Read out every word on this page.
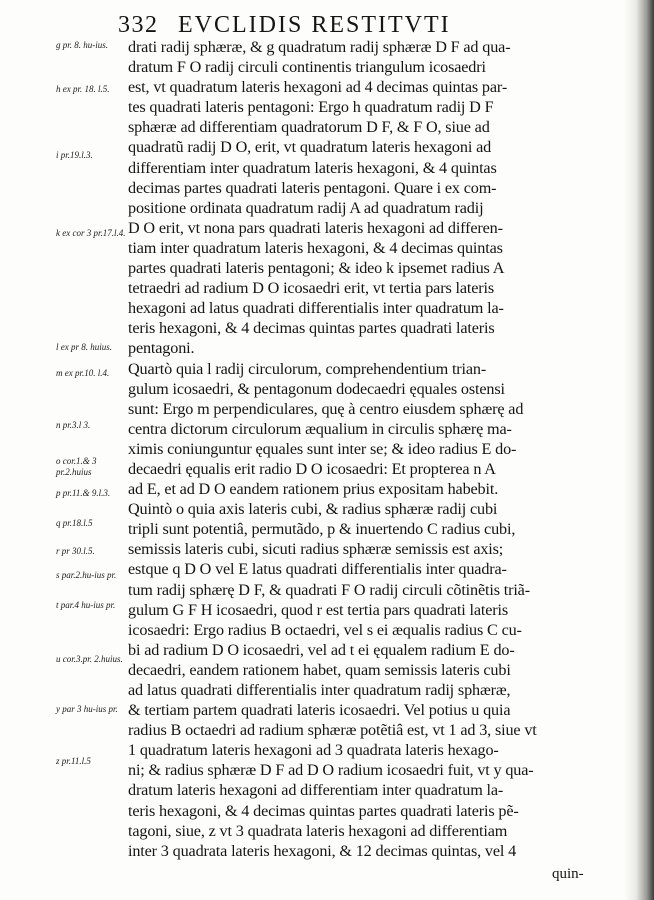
332 EVCLIDIS RESTITVTI
g pr. 8. hu-ius.
h ex pr. 18. l.5.
i pr.19.l.3.
k ex cor 3 pr.17.l.4.
l ex pr 8. huius.
m ex pr.10. l.4.
n pr.3.l 3.
o cor.1.& 3 pr.2.huius
p pr.11.& 9.l.3.
q pr.18.l.5
r pr 30.l.5.
s par.2.hu-ius pr.
t par.4 hu-ius pr.
u cor.3.pr. 2.huius.
y par 3 hu-ius pr.
z pr.11.l.5
drati radij sphæræ, & g quadratum radij sphæræ D F ad qua-
dratum F O radij circuli continentis triangulum icosaedri
est, vt quadratum lateris hexagoni ad 4 decimas quintas par-
tes quadrati lateris pentagoni: Ergo h quadratum radij D F
sphæræ ad differentiam quadratorum D F, & F O, siue ad
quadratũ radij D O, erit, vt quadratum lateris hexagoni ad
differentiam inter quadratum lateris hexagoni, & 4 quintas
decimas partes quadrati lateris pentagoni. Quare i ex com-
positione ordinata quadratum radij A ad quadratum radij
D O erit, vt nona pars quadrati lateris hexagoni ad differen-
tiam inter quadratum lateris hexagoni, & 4 decimas quintas
partes quadrati lateris pentagoni; & ideo k ipsemet radius A
tetraedri ad radium D O icosaedri erit, vt tertia pars lateris
hexagoni ad latus quadrati differentialis inter quadratum la-
teris hexagoni, & 4 decimas quintas partes quadrati lateris
pentagoni.
Quartò quia l radij circulorum, comprehendentium trian-
gulum icosaedri, & pentagonum dodecaedri ęquales ostensi
sunt: Ergo m perpendiculares, quę à centro eiusdem sphærę ad
centra dictorum circulorum æqualium in circulis sphærę ma-
ximis coniunguntur ęquales sunt inter se; & ideo radius E do-
decaedri ęqualis erit radio D O icosaedri: Et propterea n A
ad E, et ad D O eandem rationem prius expositam habebit.
Quintò o quia axis lateris cubi, & radius sphæræ radij cubi
tripli sunt potentiâ, permutãdo, p & inuertendo C radius cubi,
semissis lateris cubi, sicuti radius sphæræ semissis est axis;
estque q D O vel E latus quadrati differentialis inter quadra-
tum radij sphærę D F, & quadrati F O radij circuli cõtinẽtis triã-
gulum G F H icosaedri, quod r est tertia pars quadrati lateris
icosaedri: Ergo radius B octaedri, vel s ei æqualis radius C cu-
bi ad radium D O icosaedri, vel ad t ei ęqualem radium E do-
decaedri, eandem rationem habet, quam semissis lateris cubi
ad latus quadrati differentialis inter quadratum radij sphæræ,
& tertiam partem quadrati lateris icosaedri. Vel potius u quia
radius B octaedri ad radium sphæræ potẽtiâ est, vt 1 ad 3, siue vt
1 quadratum lateris hexagoni ad 3 quadrata lateris hexago-
ni; & radius sphæræ D F ad D O radium icosaedri fuit, vt y qua-
dratum lateris hexagoni ad differentiam inter quadratum la-
teris hexagoni, & 4 decimas quintas partes quadrati lateris pẽ-
tagoni, siue, z vt 3 quadrata lateris hexagoni ad differentiam
inter 3 quadrata lateris hexagoni, & 12 decimas quintas, vel 4
quin-
